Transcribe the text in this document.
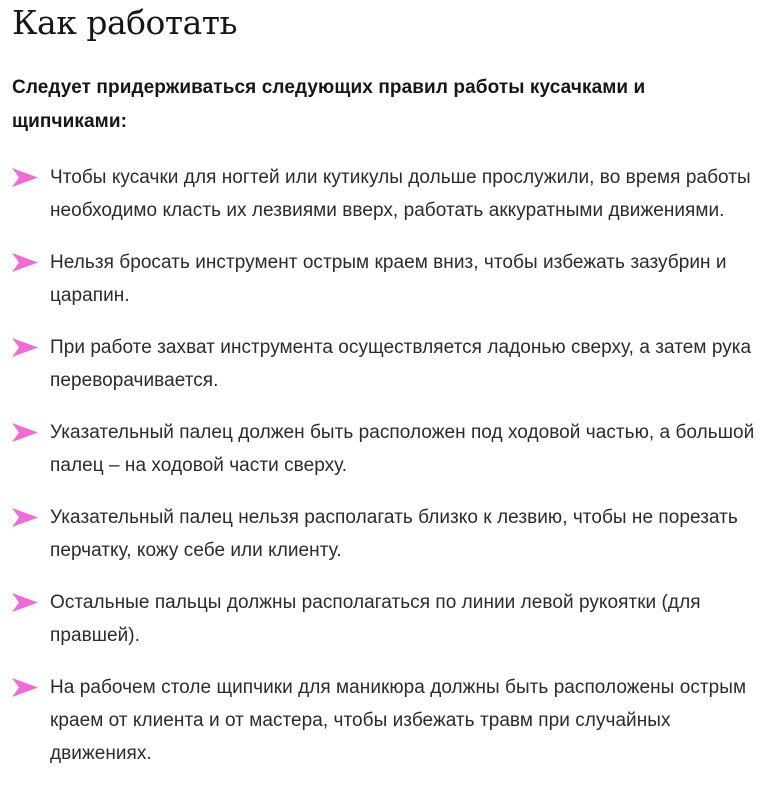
Как работать

Следует придерживаться следующих правил работы кусачками и щипчиками:

Чтобы кусачки для ногтей или кутикулы дольше прослужили, во время работы необходимо класть их лезвиями вверх, работать аккуратными движениями.
Нельзя бросать инструмент острым краем вниз, чтобы избежать зазубрин и царапин.
При работе захват инструмента осуществляется ладонью сверху, а затем рука переворачивается.
Указательный палец должен быть расположен под ходовой частью, а большой палец – на ходовой части сверху.
Указательный палец нельзя располагать близко к лезвию, чтобы не порезать перчатку, кожу себе или клиенту.
Остальные пальцы должны располагаться по линии левой рукоятки (для правшей).
На рабочем столе щипчики для маникюра должны быть расположены острым краем от клиента и от мастера, чтобы избежать травм при случайных движениях.
